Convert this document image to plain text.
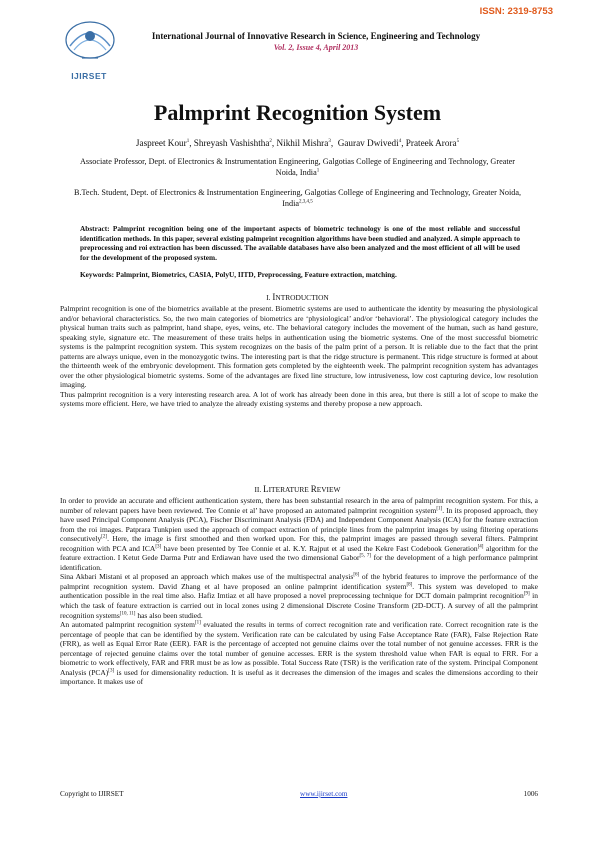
ISSN: 2319-8753
IJIRSET
International Journal of Innovative Research in Science, Engineering and Technology
Vol. 2, Issue 4, April 2013
Palmprint Recognition System
Jaspreet Kour$^1$, Shreyash Vashishtha$^2$, Nikhil Mishra$^3$,  Gaurav Dwivedi$^4$, Prateek Arora$^5$
Associate Professor, Dept. of Electronics & Instrumentation Engineering, Galgotias College of Engineering and Technology, Greater Noida, India$^1$
B.Tech. Student, Dept. of Electronics & Instrumentation Engineering, Galgotias College of Engineering and Technology, Greater Noida, India$^{2,3,4,5}$
Abstract: Palmprint recognition being one of the important aspects of biometric technology is one of the most reliable and successful identification methods. In this paper, several existing palmprint recognition algorithms have been studied and analyzed. A simple approach to preprocessing and roi extraction has been discussed. The available databases have also been analyzed and the most efficient of all will be used for the development of the proposed system.
Keywords: Palmprint, Biometrics, CASIA, PolyU, IITD, Preprocessing, Feature extraction, matching.
I. INTRODUCTION

Palmprint recognition is one of the biometrics available at the present. Biometric systems are used to authenticate the identity by measuring the physiological and/or behavioral characteristics. So, the two main categories of biometrics are ‘physiological’ and/or ‘behavioral’. The physiological category includes the physical human traits such as palmprint, hand shape, eyes, veins, etc. The behavioral category includes the movement of the human, such as hand gesture, speaking style, signature etc. The measurement of these traits helps in authentication using the biometric systems. One of the most successful biometric systems is the palmprint recognition system. This system recognizes on the basis of the palm print of a person. It is reliable due to the fact that the print patterns are always unique, even in the monozygotic twins. The interesting part is that the ridge structure is permanent. This ridge structure is formed at about the thirteenth week of the embryonic development. This formation gets completed by the eighteenth week. The palmprint recognition system has advantages over the other physiological biometric systems. Some of the advantages are fixed line structure, low intrusiveness, low cost capturing device, low resolution imaging.

Thus palmprint recognition is a very interesting research area. A lot of work has already been done in this area, but there is still a lot of scope to make the systems more efficient. Here, we have tried to analyze the already existing systems and thereby propose a new approach.

II. LITERATURE REVIEW

In order to provide an accurate and efficient authentication system, there has been substantial research in the area of palmprint recognition system. For this, a number of relevant papers have been reviewed. Tee Connie et al’ have proposed an automated palmprint recognition system[1]. In its proposed approach, they have used Principal Component Analysis (PCA), Fischer Discriminant Analysis (FDA) and Independent Component Analysis (ICA) for the feature extraction from the roi images. Patprara Tunkpien used the approach of compact extraction of principle lines from the palmprint images by using filtering operations consecutively[2]. Here, the image is first smoothed and then worked upon. For this, the palmprint images are passed through several filters. Palmprint recognition with PCA and ICA[3] have been presented by Tee Connie et al. K.Y. Rajput et al used the Kekre Fast Codebook Generation[4] algorithm for the feature extraction. I Ketut Gede Darma Putr and Erdiawan have used the two dimensional Gabor[5, 7] for the development of a high performance palmprint identification.

Sina Akbari Mistani et al proposed an approach which makes use of the multispectral analysis[6] of the hybrid features to improve the performance of the palmprint recognition system. David Zhang et al have proposed an online palmprint identification system[8]. This system was developed to make authentication possible in the real time also. Hafiz Imtiaz et all have proposed a novel preprocessing technique for DCT domain palmprint recognition[9] in which the task of feature extraction is carried out in local zones using 2 dimensional Discrete Cosine Transform (2D-DCT). A survey of all the palmprint recognition systems[10, 11] has also been studied.

An automated palmprint recognition system[1] evaluated the results in terms of correct recognition rate and verification rate. Correct recognition rate is the percentage of people that can be identified by the system. Verification rate can be calculated by using False Acceptance Rate (FAR), False Rejection Rate (FRR), as well as Equal Error Rate (EER). FAR is the percentage of accepted not genuine claims over the total number of not genuine accesses. FRR is the percentage of rejected genuine claims over the total number of genuine accesses. ERR is the system threshold value when FAR is equal to FRR. For a biometric to work effectively, FAR and FRR must be as low as possible. Total Success Rate (TSR) is the verification rate of the system. Principal Component Analysis (PCA)[3] is used for dimensionality reduction. It is useful as it decreases the dimension of the images and scales the dimensions according to their importance. It makes use of

Copyright to IJIRSET	www.ijirset.com	1006
